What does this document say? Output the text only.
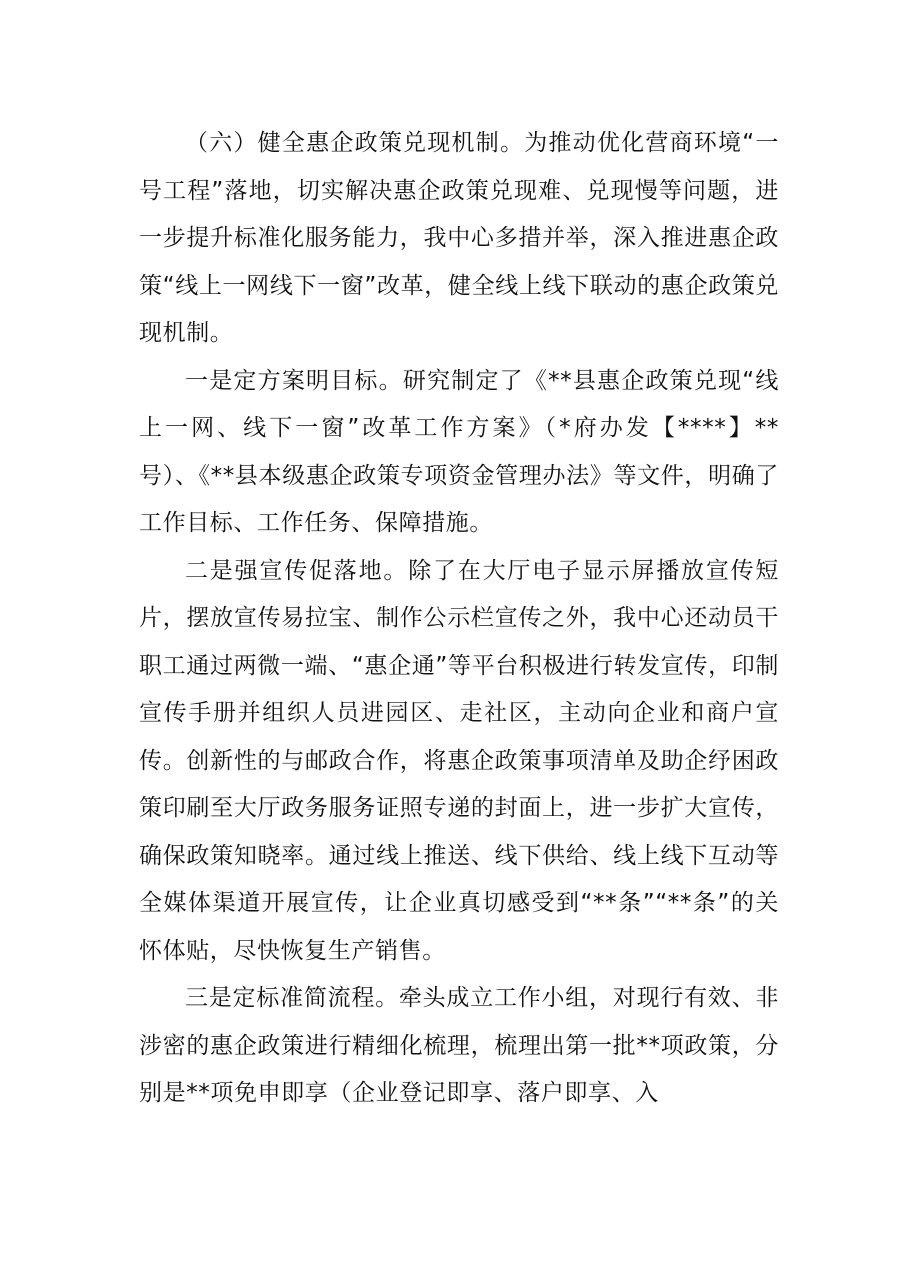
（六）健全惠企政策兑现机制。为推动优化营商环境“一号工程”落地，切实解决惠企政策兑现难、兑现慢等问题，进一步提升标准化服务能力，我中心多措并举，深入推进惠企政策“线上一网线下一窗”改革，健全线上线下联动的惠企政策兑现机制。

一是定方案明目标。研究制定了《**县惠企政策兑现“线上一网、线下一窗”改革工作方案》（*府办发【****】**号）、《**县本级惠企政策专项资金管理办法》等文件，明确了工作目标、工作任务、保障措施。

二是强宣传促落地。除了在大厅电子显示屏播放宣传短片，摆放宣传易拉宝、制作公示栏宣传之外，我中心还动员干职工通过两微一端、“惠企通”等平台积极进行转发宣传，印制宣传手册并组织人员进园区、走社区，主动向企业和商户宣传。创新性的与邮政合作，将惠企政策事项清单及助企纾困政策印刷至大厅政务服务证照专递的封面上，进一步扩大宣传，确保政策知晓率。通过线上推送、线下供给、线上线下互动等全媒体渠道开展宣传，让企业真切感受到“**条”“**条”的关怀体贴，尽快恢复生产销售。

三是定标准简流程。牵头成立工作小组，对现行有效、非涉密的惠企政策进行精细化梳理，梳理出第一批**项政策，分别是**项免申即享（企业登记即享、落户即享、入
